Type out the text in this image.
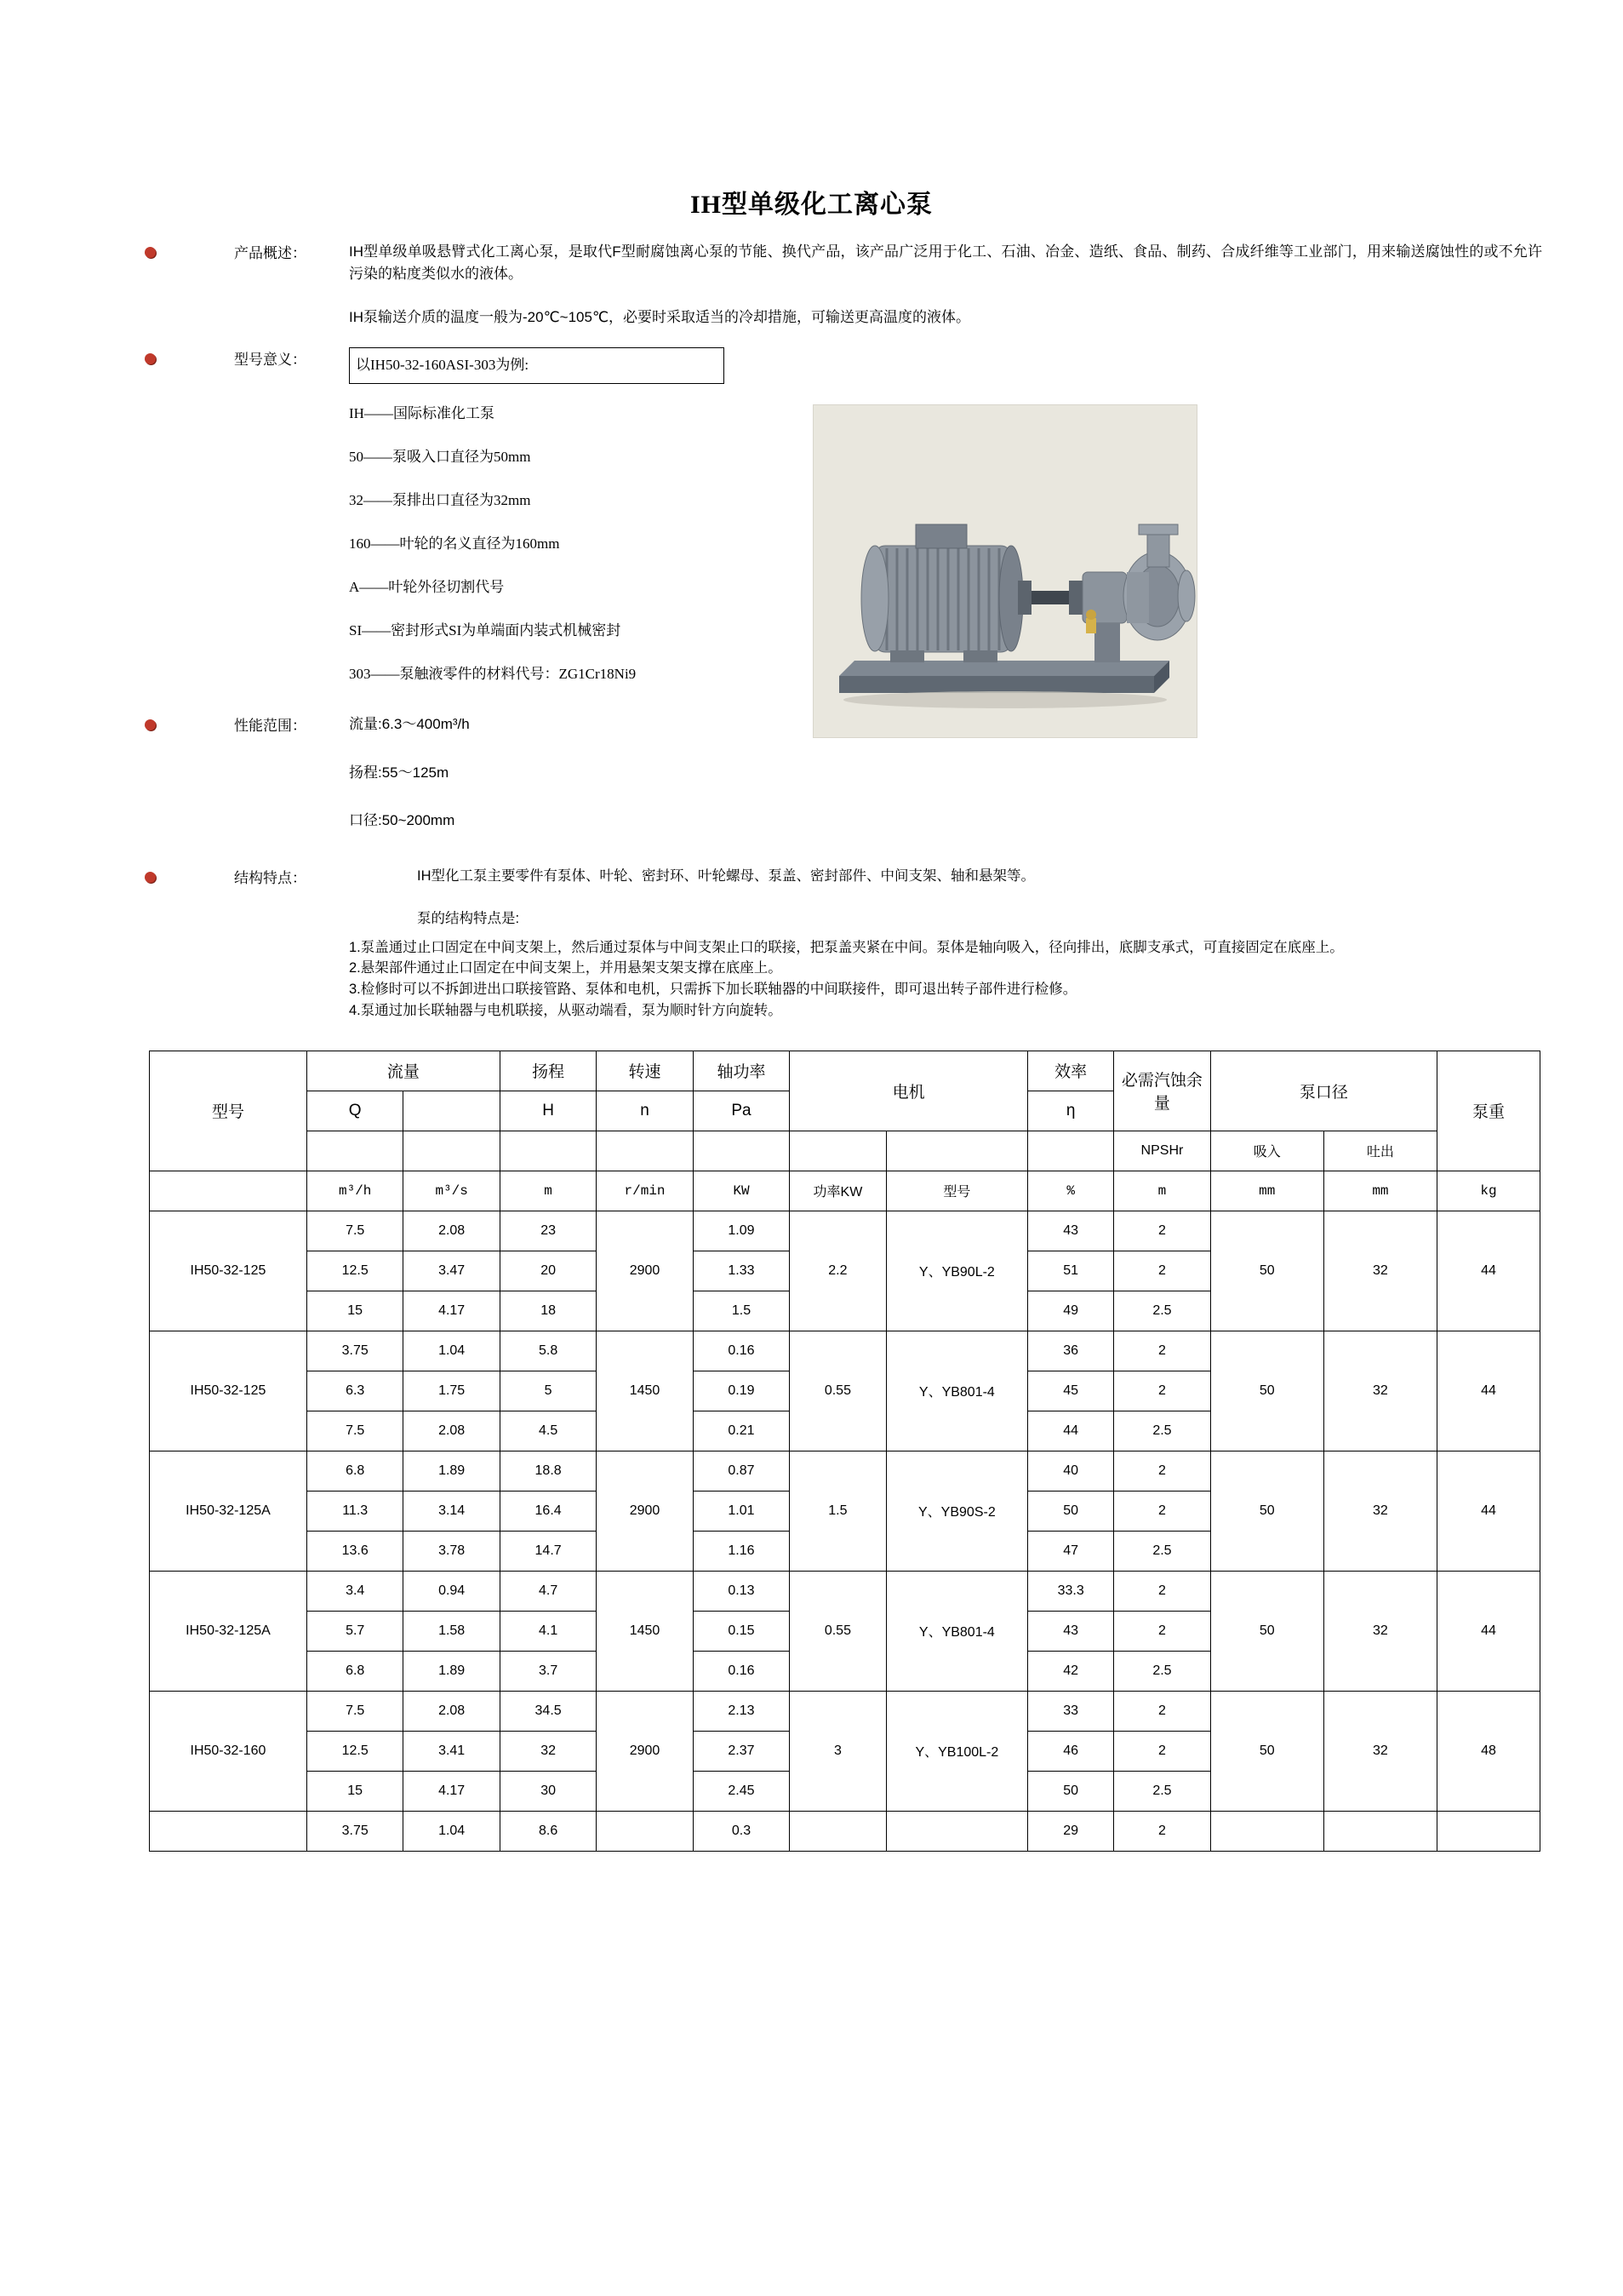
IH型单级化工离心泵
产品概述：	IH型单级单吸悬臂式化工离心泵，是取代F型耐腐蚀离心泵的节能、换代产品，该产品广泛用于化工、石油、冶金、造纸、食品、制药、合成纤维等工业部门，用来输送腐蚀性的或不允许污染的粘度类似水的液体。

IH泵输送介质的温度一般为-20℃~105℃，必要时采取适当的冷却措施，可输送更高温度的液体。

型号意义：	以IH50-32-160ASI-303为例:
IH——国际标准化工泵
50——泵吸入口直径为50mm
32——泵排出口直径为32mm
160——叶轮的名义直径为160mm
A——叶轮外径切割代号
SI——密封形式SI为单端面内装式机械密封
303——泵触液零件的材料代号：ZG1Cr18Ni9
性能范围：	流量:6.3～400m³/h

扬程:55～125m

口径:50~200mm

结构特点：	IH型化工泵主要零件有泵体、叶轮、密封环、叶轮螺母、泵盖、密封部件、中间支架、轴和悬架等。

泵的结构特点是:

1.泵盖通过止口固定在中间支架上，然后通过泵体与中间支架止口的联接，把泵盖夹紧在中间。泵体是轴向吸入，径向排出，底脚支承式，可直接固定在底座上。
2.悬架部件通过止口固定在中间支架上，并用悬架支架支撑在底座上。
3.检修时可以不拆卸进出口联接管路、泵体和电机，只需拆下加长联轴器的中间联接件，即可退出转子部件进行检修。
4.泵通过加长联轴器与电机联接，从驱动端看，泵为顺时针方向旋转。
型号	流量		扬程	转速	轴功率	电机		效率	必需汽蚀余量	泵口径		泵重
	Q		H	n	Pa			η				
									NPSHr	吸入	吐出	
	m³/h	m³/s	m	r/min	KW	功率KW	型号	%	m	mm	mm	kg
IH50-32-125	7.5	2.08	23	2900	1.09	2.2	Y、YB90L-2	43	2	50	32	44
	12.5	3.47	20		1.33			51	2			
	15	4.17	18		1.5			49	2.5			
IH50-32-125	3.75	1.04	5.8	1450	0.16	0.55	Y、YB801-4	36	2	50	32	44
	6.3	1.75	5		0.19			45	2			
	7.5	2.08	4.5		0.21			44	2.5			
IH50-32-125A	6.8	1.89	18.8	2900	0.87	1.5	Y、YB90S-2	40	2	50	32	44
	11.3	3.14	16.4		1.01			50	2			
	13.6	3.78	14.7		1.16			47	2.5			
IH50-32-125A	3.4	0.94	4.7	1450	0.13	0.55	Y、YB801-4	33.3	2	50	32	44
	5.7	1.58	4.1		0.15			43	2			
	6.8	1.89	3.7		0.16			42	2.5			
IH50-32-160	7.5	2.08	34.5	2900	2.13	3	Y、YB100L-2	33	2	50	32	48
	12.5	3.41	32		2.37			46	2			
	15	4.17	30		2.45			50	2.5			
	3.75	1.04	8.6		0.3			29	2			
